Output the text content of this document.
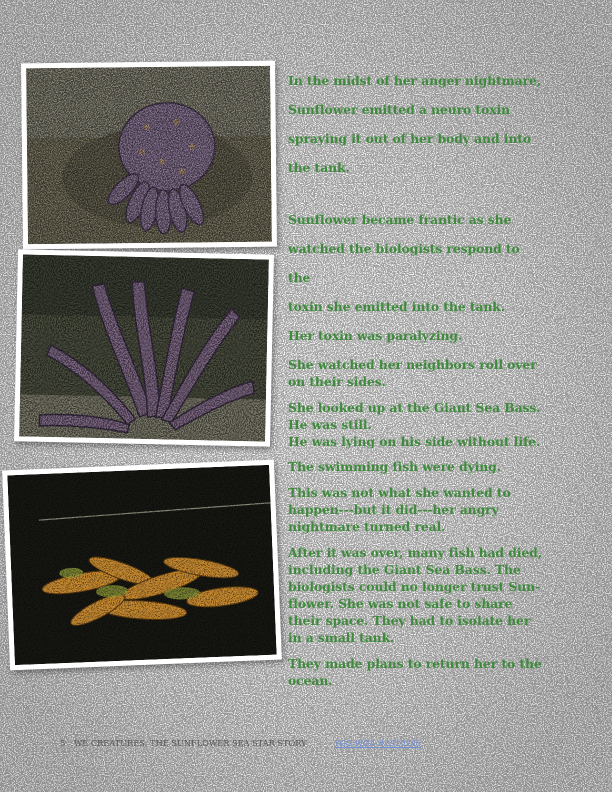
In the midst of her anger nightmare,

Sunflower emitted a neuro toxin

spraying it out of her body and into

the tank.

Sunflower became frantic as she

watched the biologists respond to the

toxin she emitted into the tank.

Her toxin was paralyzing.

She watched her neighbors roll over

on their sides.

She looked up at the Giant Sea Bass.

He was still.

He was lying on his side without life.

The swimming fish were dying.

This was not what she wanted to

happen---but it did---her angry

nightmare turned real.

After it was over, many fish had died,

including the Giant Sea Bass. The

biologists could no longer trust Sun-

flower. She was not safe to share

their space. They had to isolate her

in a small tank.

They made plans to return her to the

ocean.

5 WE CREATURES: THE SUNFLOWER SEA STAR STORY | YGG-WGA #1810246
